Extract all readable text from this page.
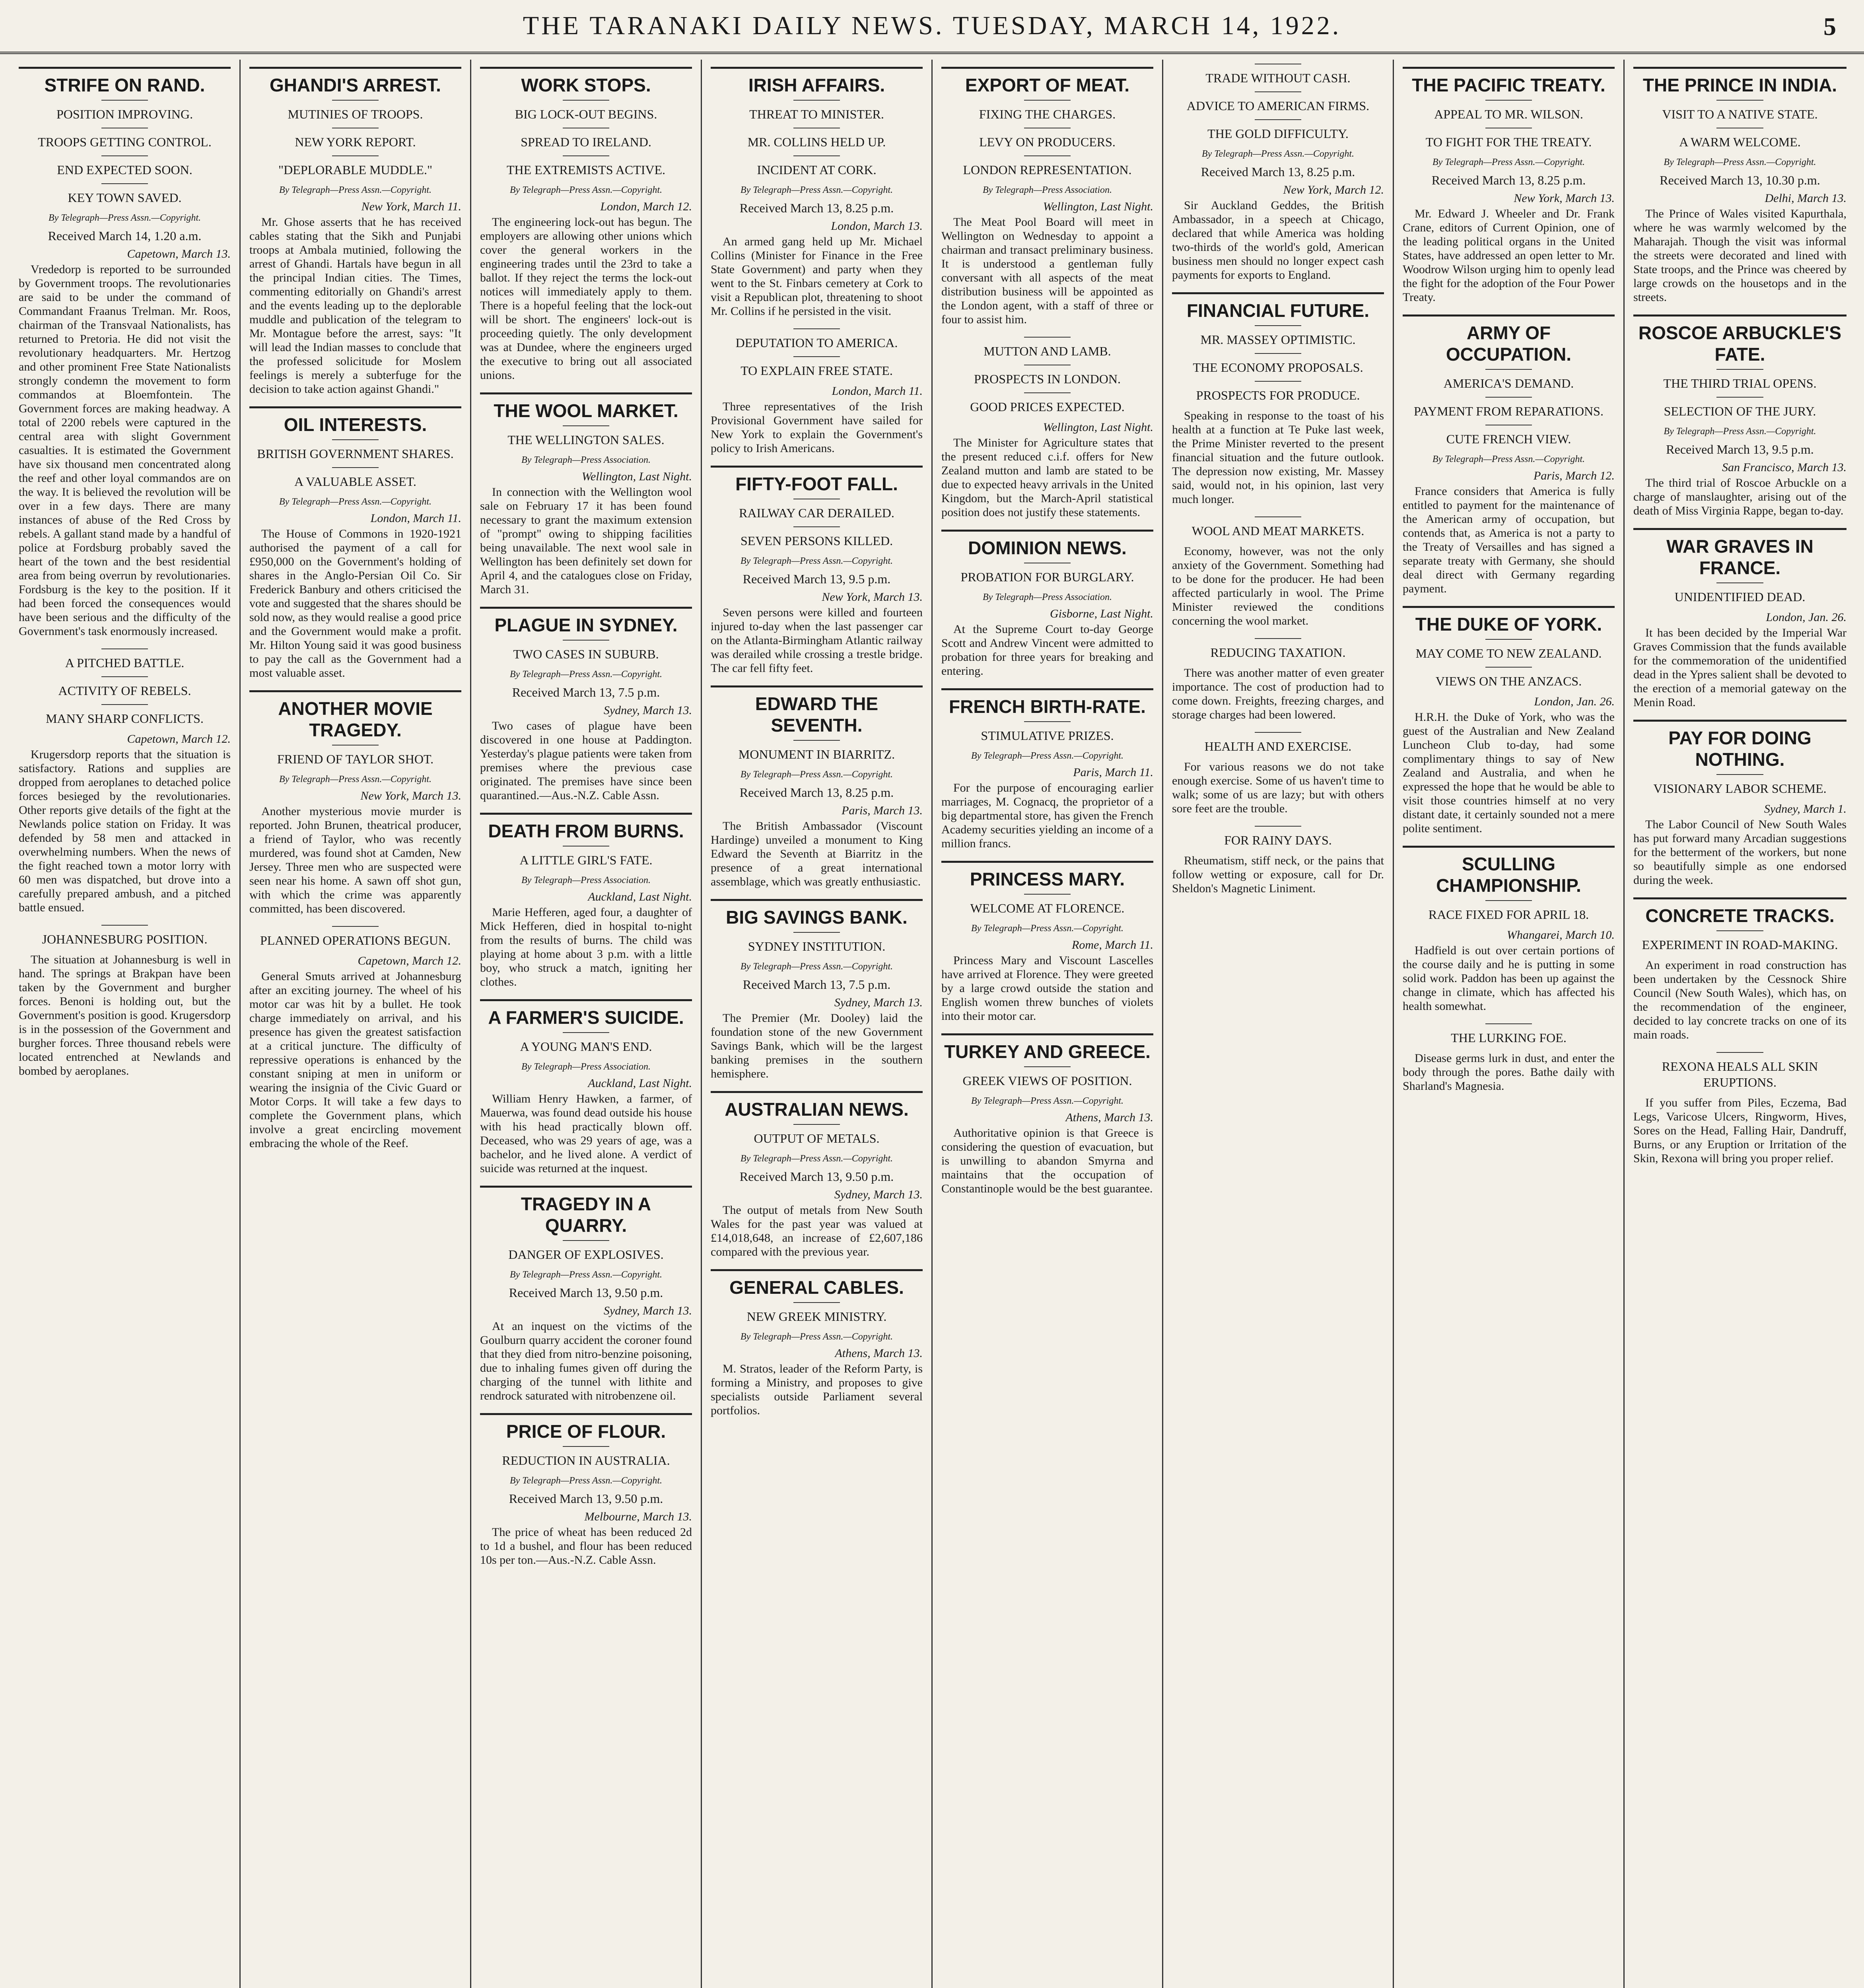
THE TARANAKI DAILY NEWS. TUESDAY, MARCH 14, 1922.	5
STRIFE ON RAND.
POSITION IMPROVING.
TROOPS GETTING CONTROL.
END EXPECTED SOON.
KEY TOWN SAVED.
By Telegraph—Press Assn.—Copyright.
Received March 14, 1.20 a.m.
Capetown, March 13.

Vrededorp is reported to be surrounded by Government troops. The revolutionaries are said to be under the command of Commandant Fraanus Trelman. Mr. Roos, chairman of the Transvaal Nationalists, has returned to Pretoria. He did not visit the revolutionary headquarters. Mr. Hertzog and other prominent Free State Nationalists strongly condemn the movement to form commandos at Bloemfontein. The Government forces are making headway. A total of 2200 rebels were captured in the central area with slight Government casualties. It is estimated the Government have six thousand men concentrated along the reef and other loyal commandos are on the way. It is believed the revolution will be over in a few days. There are many instances of abuse of the Red Cross by rebels. A gallant stand made by a handful of police at Fordsburg probably saved the heart of the town and the best residential area from being overrun by revolutionaries. Fordsburg is the key to the position. If it had been forced the consequences would have been serious and the difficulty of the Government's task enormously increased.

A PITCHED BATTLE.
ACTIVITY OF REBELS.
MANY SHARP CONFLICTS.
Capetown, March 12.

Krugersdorp reports that the situation is satisfactory. Rations and supplies are dropped from aeroplanes to detached police forces besieged by the revolutionaries. Other reports give details of the fight at the Newlands police station on Friday. It was defended by 58 men and attacked in overwhelming numbers. When the news of the fight reached town a motor lorry with 60 men was dispatched, but drove into a carefully prepared ambush, and a pitched battle ensued.

JOHANNESBURG POSITION.

The situation at Johannesburg is well in hand. The springs at Brakpan have been taken by the Government and burgher forces. Benoni is holding out, but the Government's position is good. Krugersdorp is in the possession of the Government and burgher forces. Three thousand rebels were located entrenched at Newlands and bombed by aeroplanes.

GHANDI'S ARREST.
MUTINIES OF TROOPS.
NEW YORK REPORT.
"DEPLORABLE MUDDLE."
By Telegraph—Press Assn.—Copyright.
New York, March 11.

Mr. Ghose asserts that he has received cables stating that the Sikh and Punjabi troops at Ambala mutinied, following the arrest of Ghandi. Hartals have begun in all the principal Indian cities. The Times, commenting editorially on Ghandi's arrest and the events leading up to the deplorable muddle and publication of the telegram to Mr. Montague before the arrest, says: "It will lead the Indian masses to conclude that the professed solicitude for Moslem feelings is merely a subterfuge for the decision to take action against Ghandi."

OIL INTERESTS.
BRITISH GOVERNMENT SHARES.
A VALUABLE ASSET.
By Telegraph—Press Assn.—Copyright.
London, March 11.

The House of Commons in 1920-1921 authorised the payment of a call for £950,000 on the Government's holding of shares in the Anglo-Persian Oil Co. Sir Frederick Banbury and others criticised the vote and suggested that the shares should be sold now, as they would realise a good price and the Government would make a profit. Mr. Hilton Young said it was good business to pay the call as the Government had a most valuable asset.

ANOTHER MOVIE TRAGEDY.
FRIEND OF TAYLOR SHOT.
By Telegraph—Press Assn.—Copyright.
New York, March 13.

Another mysterious movie murder is reported. John Brunen, theatrical producer, a friend of Taylor, who was recently murdered, was found shot at Camden, New Jersey. Three men who are suspected were seen near his home. A sawn off shot gun, with which the crime was apparently committed, has been discovered.

PLANNED OPERATIONS BEGUN.
Capetown, March 12.

General Smuts arrived at Johannesburg after an exciting journey. The wheel of his motor car was hit by a bullet. He took charge immediately on arrival, and his presence has given the greatest satisfaction at a critical juncture. The difficulty of repressive operations is enhanced by the constant sniping at men in uniform or wearing the insignia of the Civic Guard or Motor Corps. It will take a few days to complete the Government plans, which involve a great encircling movement embracing the whole of the Reef.

WORK STOPS.
BIG LOCK-OUT BEGINS.
SPREAD TO IRELAND.
THE EXTREMISTS ACTIVE.
By Telegraph—Press Assn.—Copyright.
London, March 12.

The engineering lock-out has begun. The employers are allowing other unions which cover the general workers in the engineering trades until the 23rd to take a ballot. If they reject the terms the lock-out notices will immediately apply to them. There is a hopeful feeling that the lock-out will be short. The engineers' lock-out is proceeding quietly. The only development was at Dundee, where the engineers urged the executive to bring out all associated unions.

THE WOOL MARKET.
THE WELLINGTON SALES.
By Telegraph—Press Association.
Wellington, Last Night.

In connection with the Wellington wool sale on February 17 it has been found necessary to grant the maximum extension of "prompt" owing to shipping facilities being unavailable. The next wool sale in Wellington has been definitely set down for April 4, and the catalogues close on Friday, March 31.

PLAGUE IN SYDNEY.
TWO CASES IN SUBURB.
By Telegraph—Press Assn.—Copyright.
Received March 13, 7.5 p.m.
Sydney, March 13.

Two cases of plague have been discovered in one house at Paddington. Yesterday's plague patients were taken from premises where the previous case originated. The premises have since been quarantined.—Aus.-N.Z. Cable Assn.

DEATH FROM BURNS.
A LITTLE GIRL'S FATE.
By Telegraph—Press Association.
Auckland, Last Night.

Marie Hefferen, aged four, a daughter of Mick Hefferen, died in hospital to-night from the results of burns. The child was playing at home about 3 p.m. with a little boy, who struck a match, igniting her clothes.

A FARMER'S SUICIDE.
A YOUNG MAN'S END.
By Telegraph—Press Association.
Auckland, Last Night.

William Henry Hawken, a farmer, of Mauerwa, was found dead outside his house with his head practically blown off. Deceased, who was 29 years of age, was a bachelor, and he lived alone. A verdict of suicide was returned at the inquest.

TRAGEDY IN A QUARRY.
DANGER OF EXPLOSIVES.
By Telegraph—Press Assn.—Copyright.
Received March 13, 9.50 p.m.
Sydney, March 13.

At an inquest on the victims of the Goulburn quarry accident the coroner found that they died from nitro-benzine poisoning, due to inhaling fumes given off during the charging of the tunnel with lithite and rendrock saturated with nitrobenzene oil.

PRICE OF FLOUR.
REDUCTION IN AUSTRALIA.
By Telegraph—Press Assn.—Copyright.
Received March 13, 9.50 p.m.
Melbourne, March 13.

The price of wheat has been reduced 2d to 1d a bushel, and flour has been reduced 10s per ton.—Aus.-N.Z. Cable Assn.

IRISH AFFAIRS.
THREAT TO MINISTER.
MR. COLLINS HELD UP.
INCIDENT AT CORK.
By Telegraph—Press Assn.—Copyright.
Received March 13, 8.25 p.m.
London, March 13.

An armed gang held up Mr. Michael Collins (Minister for Finance in the Free State Government) and party when they went to the St. Finbars cemetery at Cork to visit a Republican plot, threatening to shoot Mr. Collins if he persisted in the visit.

DEPUTATION TO AMERICA.
TO EXPLAIN FREE STATE.
London, March 11.

Three representatives of the Irish Provisional Government have sailed for New York to explain the Government's policy to Irish Americans.

FIFTY-FOOT FALL.
RAILWAY CAR DERAILED.
SEVEN PERSONS KILLED.
By Telegraph—Press Assn.—Copyright.
Received March 13, 9.5 p.m.
New York, March 13.

Seven persons were killed and fourteen injured to-day when the last passenger car on the Atlanta-Birmingham Atlantic railway was derailed while crossing a trestle bridge. The car fell fifty feet.

EDWARD THE SEVENTH.
MONUMENT IN BIARRITZ.
By Telegraph—Press Assn.—Copyright.
Received March 13, 8.25 p.m.
Paris, March 13.

The British Ambassador (Viscount Hardinge) unveiled a monument to King Edward the Seventh at Biarritz in the presence of a great international assemblage, which was greatly enthusiastic.

BIG SAVINGS BANK.
SYDNEY INSTITUTION.
By Telegraph—Press Assn.—Copyright.
Received March 13, 7.5 p.m.
Sydney, March 13.

The Premier (Mr. Dooley) laid the foundation stone of the new Government Savings Bank, which will be the largest banking premises in the southern hemisphere.

AUSTRALIAN NEWS.
OUTPUT OF METALS.
By Telegraph—Press Assn.—Copyright.
Received March 13, 9.50 p.m.
Sydney, March 13.

The output of metals from New South Wales for the past year was valued at £14,018,648, an increase of £2,607,186 compared with the previous year.

GENERAL CABLES.
NEW GREEK MINISTRY.
By Telegraph—Press Assn.—Copyright.
Athens, March 13.

M. Stratos, leader of the Reform Party, is forming a Ministry, and proposes to give specialists outside Parliament several portfolios.

EXPORT OF MEAT.
FIXING THE CHARGES.
LEVY ON PRODUCERS.
LONDON REPRESENTATION.
By Telegraph—Press Association.
Wellington, Last Night.

The Meat Pool Board will meet in Wellington on Wednesday to appoint a chairman and transact preliminary business. It is understood a gentleman fully conversant with all aspects of the meat distribution business will be appointed as the London agent, with a staff of three or four to assist him.

MUTTON AND LAMB.
PROSPECTS IN LONDON.
GOOD PRICES EXPECTED.
Wellington, Last Night.

The Minister for Agriculture states that the present reduced c.i.f. offers for New Zealand mutton and lamb are stated to be due to expected heavy arrivals in the United Kingdom, but the March-April statistical position does not justify these statements.

DOMINION NEWS.
PROBATION FOR BURGLARY.
By Telegraph—Press Association.
Gisborne, Last Night.

At the Supreme Court to-day George Scott and Andrew Vincent were admitted to probation for three years for breaking and entering.

FRENCH BIRTH-RATE.
STIMULATIVE PRIZES.
By Telegraph—Press Assn.—Copyright.
Paris, March 11.

For the purpose of encouraging earlier marriages, M. Cognacq, the proprietor of a big departmental store, has given the French Academy securities yielding an income of a million francs.

PRINCESS MARY.
WELCOME AT FLORENCE.
By Telegraph—Press Assn.—Copyright.
Rome, March 11.

Princess Mary and Viscount Lascelles have arrived at Florence. They were greeted by a large crowd outside the station and English women threw bunches of violets into their motor car.

TURKEY AND GREECE.
GREEK VIEWS OF POSITION.
By Telegraph—Press Assn.—Copyright.
Athens, March 13.

Authoritative opinion is that Greece is considering the question of evacuation, but is unwilling to abandon Smyrna and maintains that the occupation of Constantinople would be the best guarantee.

TRADE WITHOUT CASH.
ADVICE TO AMERICAN FIRMS.
THE GOLD DIFFICULTY.
By Telegraph—Press Assn.—Copyright.
Received March 13, 8.25 p.m.
New York, March 12.

Sir Auckland Geddes, the British Ambassador, in a speech at Chicago, declared that while America was holding two-thirds of the world's gold, American business men should no longer expect cash payments for exports to England.

FINANCIAL FUTURE.
MR. MASSEY OPTIMISTIC.
THE ECONOMY PROPOSALS.
PROSPECTS FOR PRODUCE.

Speaking in response to the toast of his health at a function at Te Puke last week, the Prime Minister reverted to the present financial situation and the future outlook. The depression now existing, Mr. Massey said, would not, in his opinion, last very much longer.

WOOL AND MEAT MARKETS.

Economy, however, was not the only anxiety of the Government. Something had to be done for the producer. He had been affected particularly in wool. The Prime Minister reviewed the conditions concerning the wool market.

REDUCING TAXATION.

There was another matter of even greater importance. The cost of production had to come down. Freights, freezing charges, and storage charges had been lowered.

HEALTH AND EXERCISE.

For various reasons we do not take enough exercise. Some of us haven't time to walk; some of us are lazy; but with others sore feet are the trouble.

FOR RAINY DAYS.

Rheumatism, stiff neck, or the pains that follow wetting or exposure, call for Dr. Sheldon's Magnetic Liniment.

THE PACIFIC TREATY.
APPEAL TO MR. WILSON.
TO FIGHT FOR THE TREATY.
By Telegraph—Press Assn.—Copyright.
Received March 13, 8.25 p.m.
New York, March 13.

Mr. Edward J. Wheeler and Dr. Frank Crane, editors of Current Opinion, one of the leading political organs in the United States, have addressed an open letter to Mr. Woodrow Wilson urging him to openly lead the fight for the adoption of the Four Power Treaty.

ARMY OF OCCUPATION.
AMERICA'S DEMAND.
PAYMENT FROM REPARATIONS.
CUTE FRENCH VIEW.
By Telegraph—Press Assn.—Copyright.
Paris, March 12.

France considers that America is fully entitled to payment for the maintenance of the American army of occupation, but contends that, as America is not a party to the Treaty of Versailles and has signed a separate treaty with Germany, she should deal direct with Germany regarding payment.

THE DUKE OF YORK.
MAY COME TO NEW ZEALAND.
VIEWS ON THE ANZACS.
London, Jan. 26.

H.R.H. the Duke of York, who was the guest of the Australian and New Zealand Luncheon Club to-day, had some complimentary things to say of New Zealand and Australia, and when he expressed the hope that he would be able to visit those countries himself at no very distant date, it certainly sounded not a mere polite sentiment.

SCULLING CHAMPIONSHIP.
RACE FIXED FOR APRIL 18.
Whangarei, March 10.

Hadfield is out over certain portions of the course daily and he is putting in some solid work. Paddon has been up against the change in climate, which has affected his health somewhat.

THE LURKING FOE.

Disease germs lurk in dust, and enter the body through the pores. Bathe daily with Sharland's Magnesia.

THE PRINCE IN INDIA.
VISIT TO A NATIVE STATE.
A WARM WELCOME.
By Telegraph—Press Assn.—Copyright.
Received March 13, 10.30 p.m.
Delhi, March 13.

The Prince of Wales visited Kapurthala, where he was warmly welcomed by the Maharajah. Though the visit was informal the streets were decorated and lined with State troops, and the Prince was cheered by large crowds on the housetops and in the streets.

ROSCOE ARBUCKLE'S FATE.
THE THIRD TRIAL OPENS.
SELECTION OF THE JURY.
By Telegraph—Press Assn.—Copyright.
Received March 13, 9.5 p.m.
San Francisco, March 13.

The third trial of Roscoe Arbuckle on a charge of manslaughter, arising out of the death of Miss Virginia Rappe, began to-day.

WAR GRAVES IN FRANCE.
UNIDENTIFIED DEAD.
London, Jan. 26.

It has been decided by the Imperial War Graves Commission that the funds available for the commemoration of the unidentified dead in the Ypres salient shall be devoted to the erection of a memorial gateway on the Menin Road.

PAY FOR DOING NOTHING.
VISIONARY LABOR SCHEME.
Sydney, March 1.

The Labor Council of New South Wales has put forward many Arcadian suggestions for the betterment of the workers, but none so beautifully simple as one endorsed during the week.

CONCRETE TRACKS.
EXPERIMENT IN ROAD-MAKING.

An experiment in road construction has been undertaken by the Cessnock Shire Council (New South Wales), which has, on the recommendation of the engineer, decided to lay concrete tracks on one of its main roads.

REXONA HEALS ALL SKIN ERUPTIONS.

If you suffer from Piles, Eczema, Bad Legs, Varicose Ulcers, Ringworm, Hives, Sores on the Head, Falling Hair, Dandruff, Burns, or any Eruption or Irritation of the Skin, Rexona will bring you proper relief.
